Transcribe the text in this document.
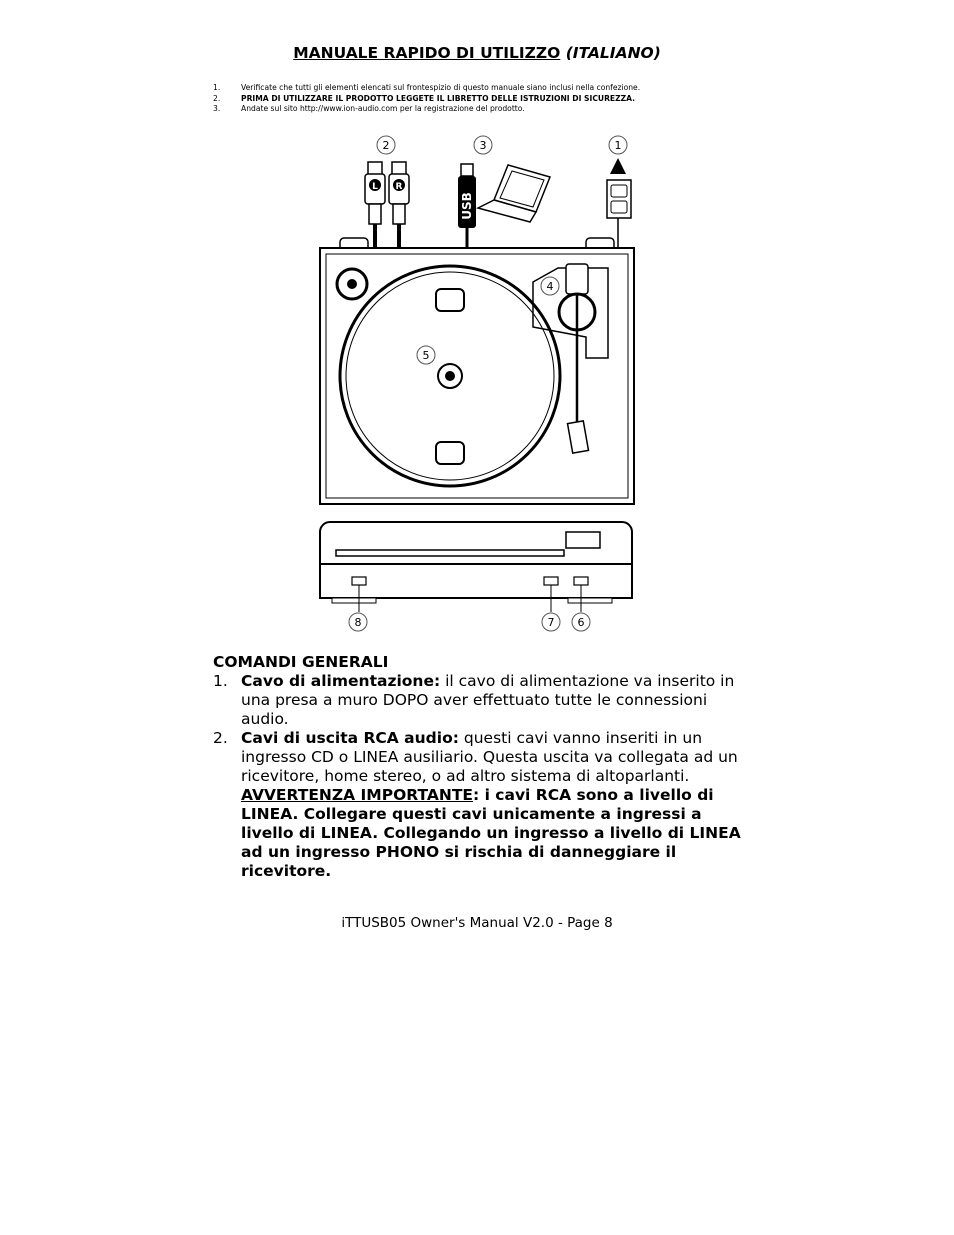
MANUALE RAPIDO DI UTILIZZO (ITALIANO)
1.	Verificate che tutti gli elementi elencati sul frontespizio di questo manuale siano inclusi nella confezione.
2.	PRIMA DI UTILIZZARE IL PRODOTTO LEGGETE IL LIBRETTO DELLE ISTRUZIONI DI SICUREZZA.
3.	Andate sul sito http://www.ion-audio.com per la registrazione del prodotto.
2
L R
3
USB
1
4
5
8	7 6
COMANDI GENERALI
1. Cavo di alimentazione: il cavo di alimentazione va inserito in una presa a muro DOPO aver effettuato tutte le connessioni audio.
2. Cavi di uscita RCA audio: questi cavi vanno inseriti in un ingresso CD o LINEA ausiliario. Questa uscita va collegata ad un ricevitore, home stereo, o ad altro sistema di altoparlanti.
AVVERTENZA IMPORTANTE: i cavi RCA sono a livello di LINEA. Collegare questi cavi unicamente a ingressi a livello di LINEA. Collegando un ingresso a livello di LINEA ad un ingresso PHONO si rischia di danneggiare il ricevitore.
iTTUSB05 Owner's Manual V2.0 - Page 8
